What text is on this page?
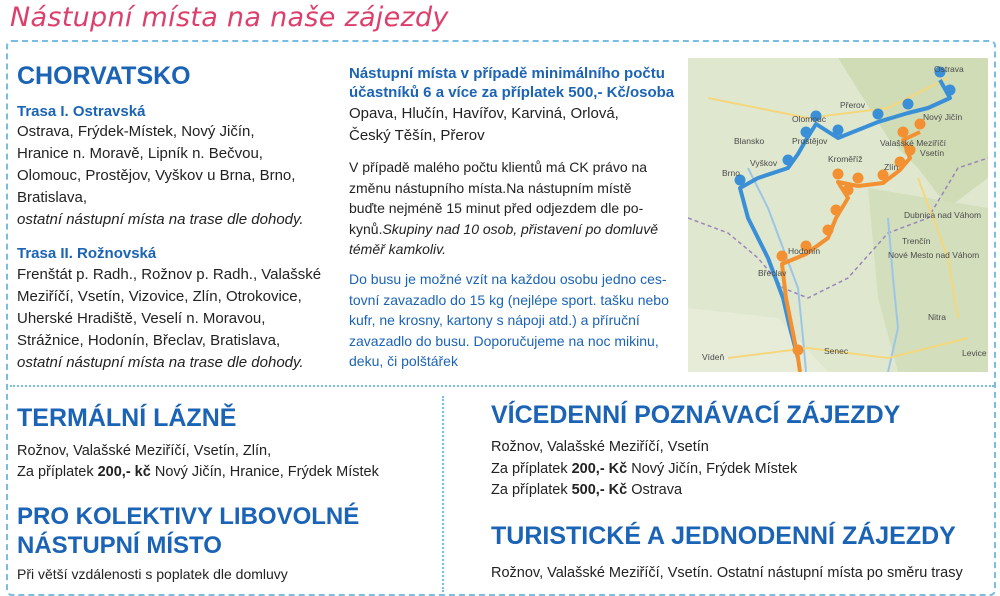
Nástupní místa na naše zájezdy
CHORVATSKO
Trasa I. Ostravská
Ostrava, Frýdek-Místek, Nový Jičín,
Hranice n. Moravě, Lipník n. Bečvou,
Olomouc, Prostějov, Vyškov u Brna, Brno,
Bratislava,
ostatní nástupní místa na trase dle dohody.
Trasa II. Rožnovská
Frenštát p. Radh., Rožnov p. Radh., Valašské
Meziříčí, Vsetín, Vizovice, Zlín, Otrokovice,
Uherské Hradiště, Veselí n. Moravou,
Strážnice, Hodonín, Břeclav, Bratislava,
ostatní nástupní místa na trase dle dohody.
Nástupní místa v případě minimálního počtu
účastníků 6 a více za příplatek 500,- Kč/osoba
Opava, Hlučín, Havířov, Karviná, Orlová,
Český Těšín, Přerov
V případě malého počtu klientů má CK právo na
změnu nástupního místa.Na nástupním místě
buďte nejméně 15 minut před odjezdem dle po-
kynů.Skupiny nad 10 osob, přistavení po domluvě
téměř kamkoliv.
Do busu je možné vzít na každou osobu jedno ces-
tovní zavazadlo do 15 kg (nejlépe sport. tašku nebo
kufr, ne krosny, kartony s nápoji atd.) a příruční
zavazadlo do busu. Doporučujeme na noc mikinu,
deku, či polštářek
Ostrava
Olomouc
Prostějov
Brno
Blansko
Vyškov	Kroměříž
Zlín
Nový Jičín
Přerov
Valašské Meziříčí
Vsetín
Hodonín
Břeclav
Dubnica nad Váhom
Trenčín
Nové Mesto nad Váhom
Nitra
Vídeň
Senec	Levice
TERMÁLNÍ LÁZNĚ
Rožnov, Valašské Meziříčí, Vsetín, Zlín,
Za příplatek 200,- kč Nový Jičín, Hranice, Frýdek Místek
PRO KOLEKTIVY LIBOVOLNÉ
NÁSTUPNÍ MÍSTO
Při větší vzdálenosti s poplatek dle domluvy
VÍCEDENNÍ POZNÁVACÍ ZÁJEZDY
Rožnov, Valašské Meziříčí, Vsetín
Za příplatek 200,- Kč Nový Jičín, Frýdek Místek
Za příplatek 500,- Kč Ostrava
TURISTICKÉ A JEDNODENNÍ ZÁJEZDY
Rožnov, Valašské Meziříčí, Vsetín. Ostatní nástupní místa po směru trasy
